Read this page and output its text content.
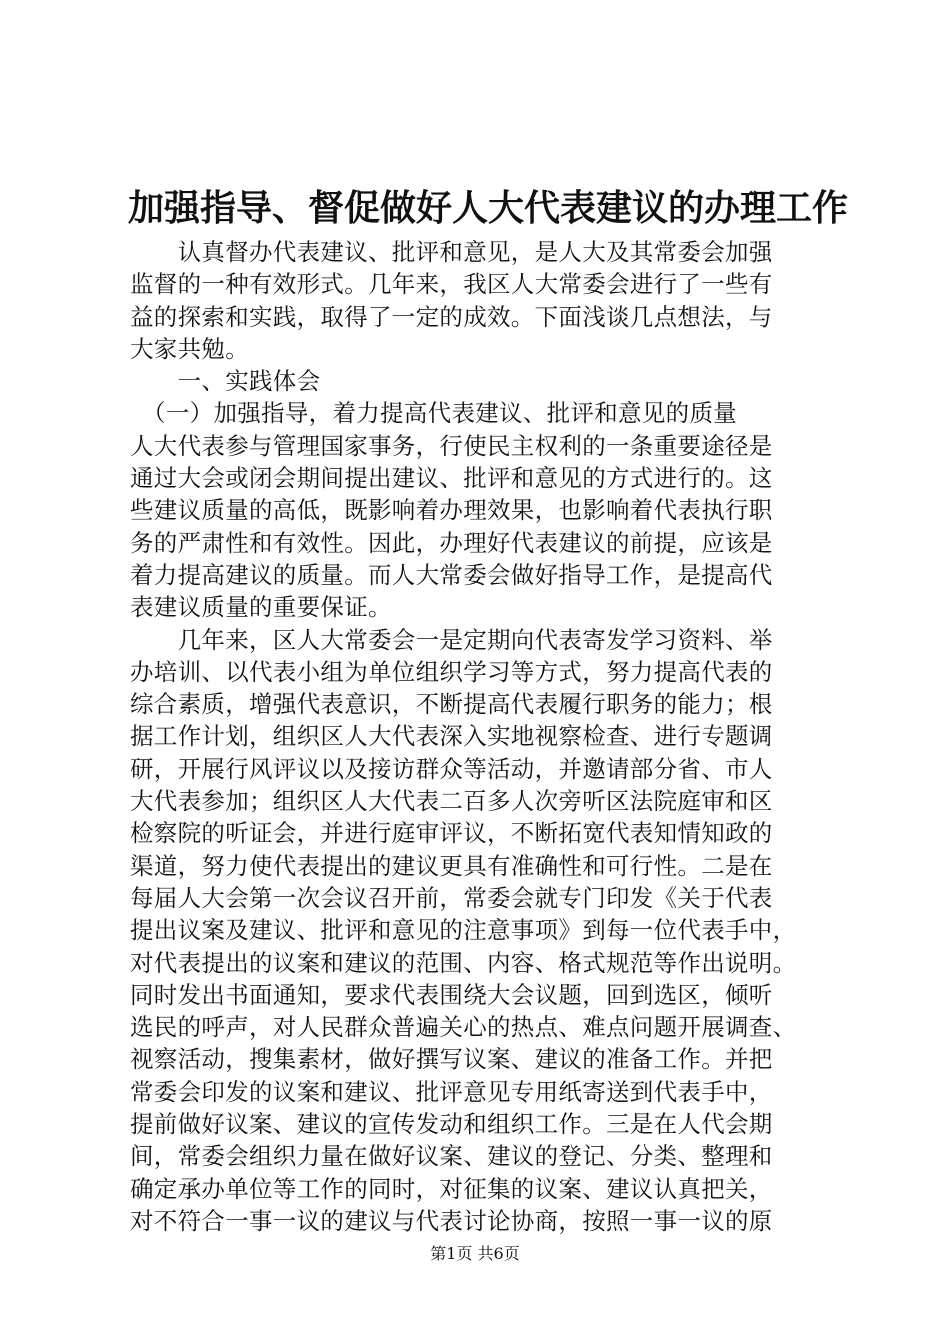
加强指导、督促做好人大代表建议的办理工作
　　认真督办代表建议、批评和意见，是人大及其常委会加强
监督的一种有效形式。几年来，我区人大常委会进行了一些有
益的探索和实践，取得了一定的成效。下面浅谈几点想法，与
大家共勉。
　　一、实践体会
　（一）加强指导，着力提高代表建议、批评和意见的质量
人大代表参与管理国家事务，行使民主权利的一条重要途径是
通过大会或闭会期间提出建议、批评和意见的方式进行的。这
些建议质量的高低，既影响着办理效果，也影响着代表执行职
务的严肃性和有效性。因此，办理好代表建议的前提，应该是
着力提高建议的质量。而人大常委会做好指导工作，是提高代
表建议质量的重要保证。
　　几年来，区人大常委会一是定期向代表寄发学习资料、举
办培训、以代表小组为单位组织学习等方式，努力提高代表的
综合素质，增强代表意识，不断提高代表履行职务的能力；根
据工作计划，组织区人大代表深入实地视察检查、进行专题调
研，开展行风评议以及接访群众等活动，并邀请部分省、市人
大代表参加；组织区人大代表二百多人次旁听区法院庭审和区
检察院的听证会，并进行庭审评议，不断拓宽代表知情知政的
渠道，努力使代表提出的建议更具有准确性和可行性。二是在
每届人大会第一次会议召开前，常委会就专门印发《关于代表
提出议案及建议、批评和意见的注意事项》到每一位代表手中，
对代表提出的议案和建议的范围、内容、格式规范等作出说明。
同时发出书面通知，要求代表围绕大会议题，回到选区，倾听
选民的呼声，对人民群众普遍关心的热点、难点问题开展调查、
视察活动，搜集素材，做好撰写议案、建议的准备工作。并把
常委会印发的议案和建议、批评意见专用纸寄送到代表手中，
提前做好议案、建议的宣传发动和组织工作。三是在人代会期
间，常委会组织力量在做好议案、建议的登记、分类、整理和
确定承办单位等工作的同时，对征集的议案、建议认真把关，
对不符合一事一议的建议与代表讨论协商，按照一事一议的原
第1页 共6页
